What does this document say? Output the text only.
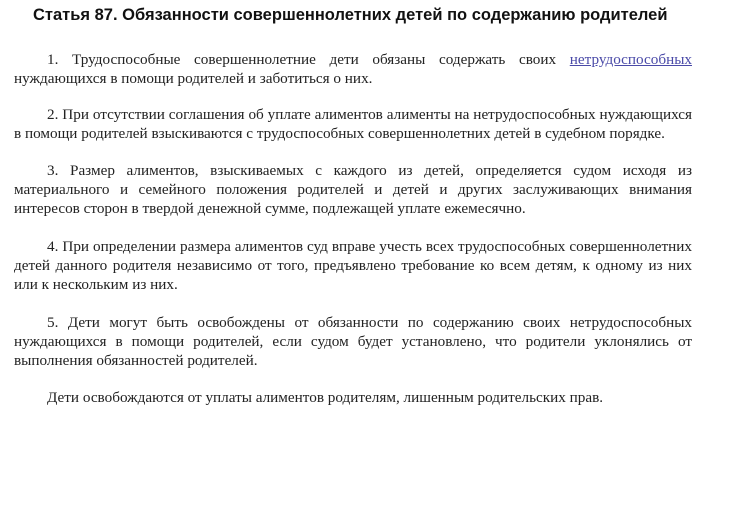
Статья 87. Обязанности совершеннолетних детей по содержанию родителей

1. Трудоспособные совершеннолетние дети обязаны содержать своих нетрудоспособных нуждающихся в помощи родителей и заботиться о них.

2. При отсутствии соглашения об уплате алиментов алименты на нетрудоспособных нуждающихся в помощи родителей взыскиваются с трудоспособных совершеннолетних детей в судебном порядке.

3. Размер алиментов, взыскиваемых с каждого из детей, определяется судом исходя из материального и семейного положения родителей и детей и других заслуживающих внимания интересов сторон в твердой денежной сумме, подлежащей уплате ежемесячно.

4. При определении размера алиментов суд вправе учесть всех трудоспособных совершеннолетних детей данного родителя независимо от того, предъявлено требование ко всем детям, к одному из них или к нескольким из них.

5. Дети могут быть освобождены от обязанности по содержанию своих нетрудоспособных нуждающихся в помощи родителей, если судом будет установлено, что родители уклонялись от выполнения обязанностей родителей.

Дети освобождаются от уплаты алиментов родителям, лишенным родительских прав.
